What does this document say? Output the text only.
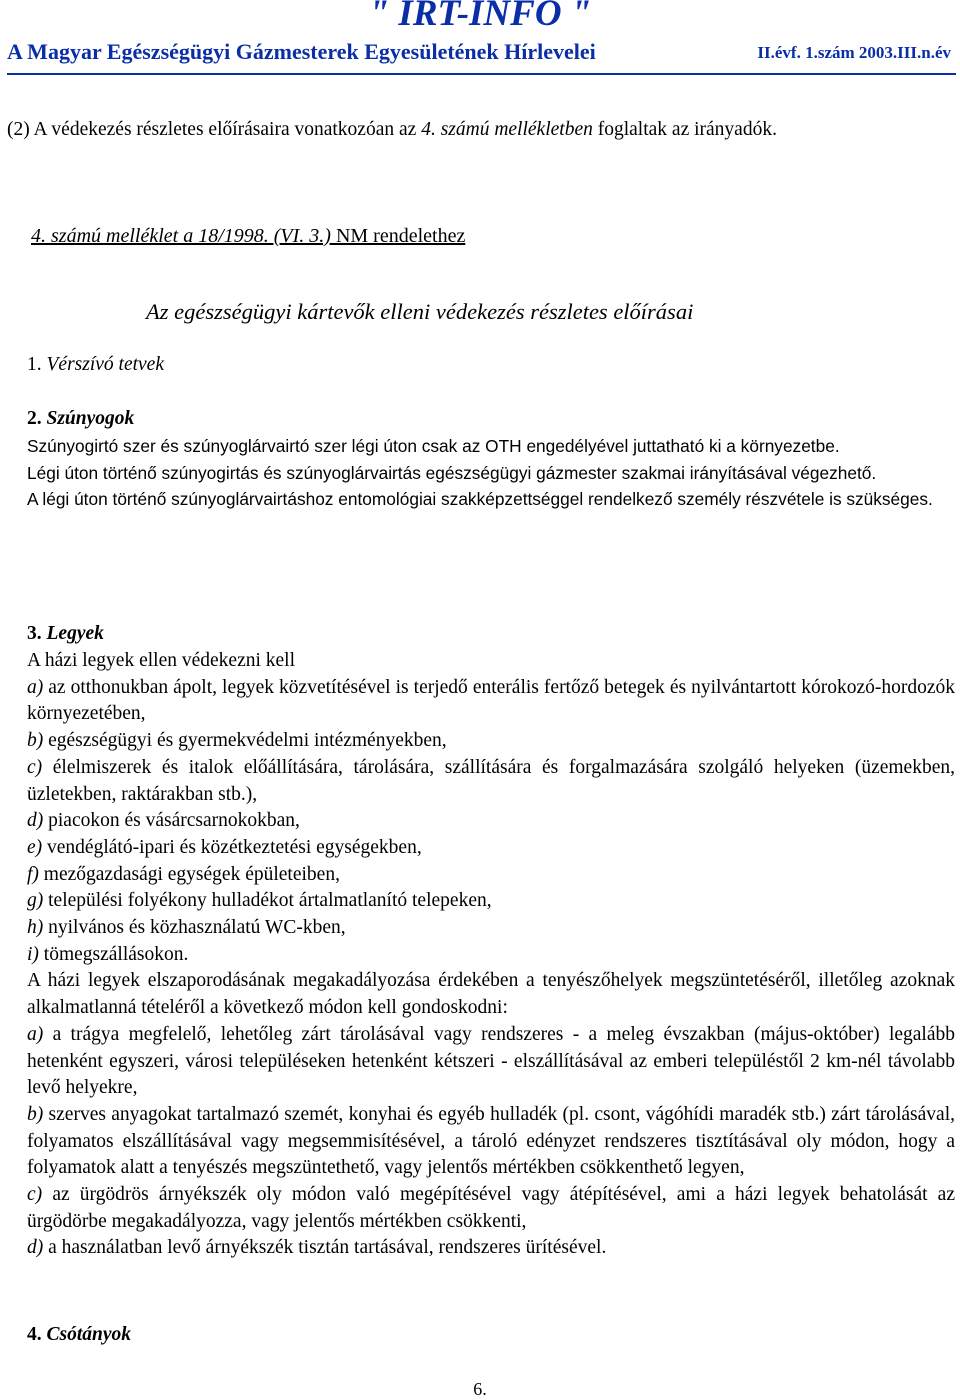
" IRT-INFO "
A Magyar Egészségügyi Gázmesterek Egyesületének Hírlevelei	II.évf. 1.szám 2003.III.n.év

(2) A védekezés részletes előírásaira vonatkozóan az 4. számú mellékletben foglaltak az irányadók.

4. számú melléklet a 18/1998. (VI. 3.) NM rendelethez

Az egészségügyi kártevők elleni védekezés részletes előírásai

1. Vérszívó tetvek

2. Szúnyogok

Szúnyogirtó szer és szúnyoglárvairtó szer légi úton csak az OTH engedélyével juttatható ki a környezetbe.

Légi úton történő szúnyogirtás és szúnyoglárvairtás egészségügyi gázmester szakmai irányításával végezhető.

A légi úton történő szúnyoglárvairtáshoz entomológiai szakképzettséggel rendelkező személy részvétele is szükséges.

3. Legyek

A házi legyek ellen védekezni kell

a) az otthonukban ápolt, legyek közvetítésével is terjedő enterális fertőző betegek és nyilvántartott kórokozó-hordozók környezetében,

b) egészségügyi és gyermekvédelmi intézményekben,

c) élelmiszerek és italok előállítására, tárolására, szállítására és forgalmazására szolgáló helyeken (üzemekben, üzletekben, raktárakban stb.),

d) piacokon és vásárcsarnokokban,

e) vendéglátó-ipari és közétkeztetési egységekben,

f) mezőgazdasági egységek épületeiben,

g) települési folyékony hulladékot ártalmatlanító telepeken,

h) nyilvános és közhasználatú WC-kben,

i) tömegszállásokon.

A házi legyek elszaporodásának megakadályozása érdekében a tenyészőhelyek megszüntetéséről, illetőleg azoknak alkalmatlanná tételéről a következő módon kell gondoskodni:

a) a trágya megfelelő, lehetőleg zárt tárolásával vagy rendszeres - a meleg évszakban (május-október) legalább hetenként egyszeri, városi településeken hetenként kétszeri - elszállításával az emberi településtől 2 km-nél távolabb levő helyekre,

b) szerves anyagokat tartalmazó szemét, konyhai és egyéb hulladék (pl. csont, vágóhídi maradék stb.) zárt tárolásával, folyamatos elszállításával vagy megsemmisítésével, a tároló edényzet rendszeres tisztításával oly módon, hogy a folyamatok alatt a tenyészés megszüntethető, vagy jelentős mértékben csökkenthető legyen,

c) az ürgödrös árnyékszék oly módon való megépítésével vagy átépítésével, ami a házi legyek behatolását az ürgödörbe megakadályozza, vagy jelentős mértékben csökkenti,

d) a használatban levő árnyékszék tisztán tartásával, rendszeres ürítésével.

4. Csótányok

6.
